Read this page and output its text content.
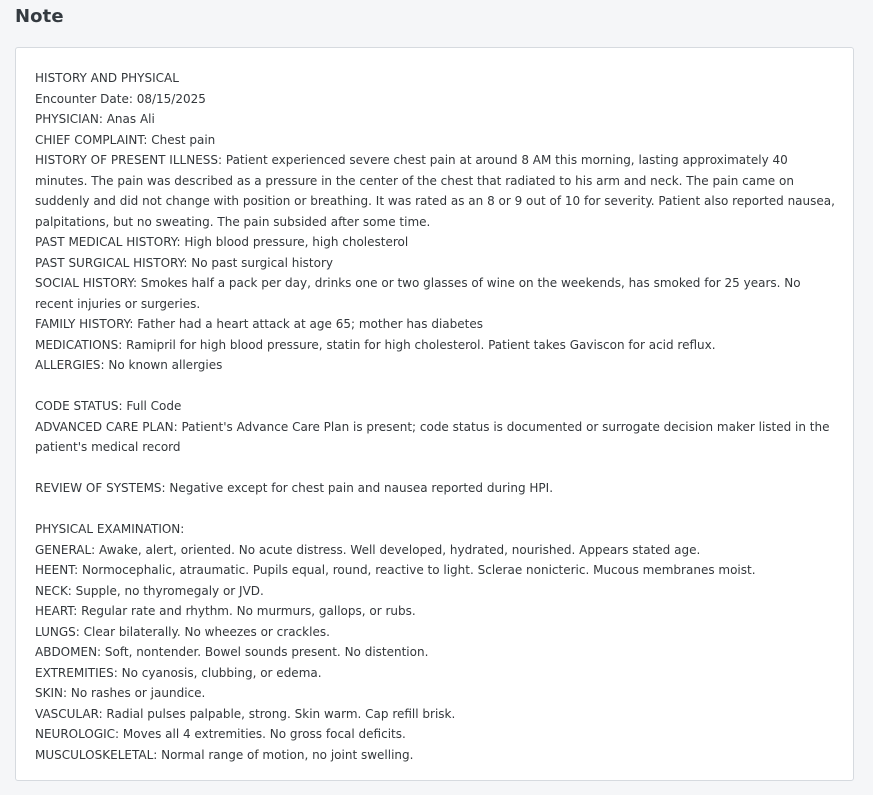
Note
HISTORY AND PHYSICAL
Encounter Date: 08/15/2025
PHYSICIAN: Anas Ali
CHIEF COMPLAINT: Chest pain
HISTORY OF PRESENT ILLNESS: Patient experienced severe chest pain at around 8 AM this morning, lasting approximately 40 minutes. The pain was described as a pressure in the center of the chest that radiated to his arm and neck. The pain came on suddenly and did not change with position or breathing. It was rated as an 8 or 9 out of 10 for severity. Patient also reported nausea, palpitations, but no sweating. The pain subsided after some time.
PAST MEDICAL HISTORY: High blood pressure, high cholesterol
PAST SURGICAL HISTORY: No past surgical history
SOCIAL HISTORY: Smokes half a pack per day, drinks one or two glasses of wine on the weekends, has smoked for 25 years. No recent injuries or surgeries.
FAMILY HISTORY: Father had a heart attack at age 65; mother has diabetes
MEDICATIONS: Ramipril for high blood pressure, statin for high cholesterol. Patient takes Gaviscon for acid reflux.
ALLERGIES: No known allergies
CODE STATUS: Full Code
ADVANCED CARE PLAN: Patient's Advance Care Plan is present; code status is documented or surrogate decision maker listed in the patient's medical record
REVIEW OF SYSTEMS: Negative except for chest pain and nausea reported during HPI.
PHYSICAL EXAMINATION:
GENERAL: Awake, alert, oriented. No acute distress. Well developed, hydrated, nourished. Appears stated age.
HEENT: Normocephalic, atraumatic. Pupils equal, round, reactive to light. Sclerae nonicteric. Mucous membranes moist.
NECK: Supple, no thyromegaly or JVD.
HEART: Regular rate and rhythm. No murmurs, gallops, or rubs.
LUNGS: Clear bilaterally. No wheezes or crackles.
ABDOMEN: Soft, nontender. Bowel sounds present. No distention.
EXTREMITIES: No cyanosis, clubbing, or edema.
SKIN: No rashes or jaundice.
VASCULAR: Radial pulses palpable, strong. Skin warm. Cap refill brisk.
NEUROLOGIC: Moves all 4 extremities. No gross focal deficits.
MUSCULOSKELETAL: Normal range of motion, no joint swelling.
